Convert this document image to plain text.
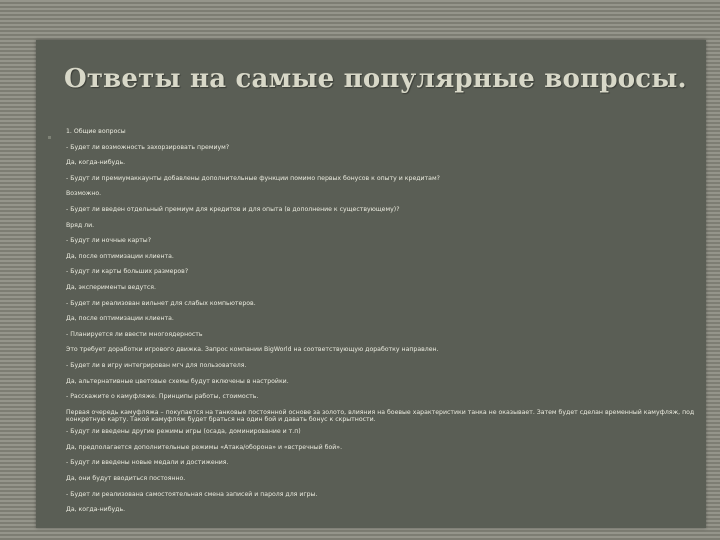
Ответы на самые популярные вопросы.
1. Общие вопросы
- Будет ли возможность захорзировать премиум?
Да, когда-нибудь.
- Будут ли премиумаккаунты добавлены дополнительные функции помимо первых бонусов к опыту и кредитам?
Возможно.
- Будет ли введен отдельный премиум для кредитов и для опыта (в дополнение к существующему)?
Вряд ли.
- Будут ли ночные карты?
Да, после оптимизации клиента.
- Будут ли карты больших размеров?
Да, эксперименты ведутся.
- Будет ли реализован вильнет для слабых компьютеров.
Да, после оптимизации клиента.
- Планируется ли ввести многоядерность
Это требует доработки игрового движка. Запрос компании BigWorld на соответствующую доработку направлен.
- Будет ли в игру интегрирован мгч для пользователя.
Да, альтернативные цветовые схемы будут включены в настройки.
- Расскажите о камуфляже. Принципы работы, стоимость.
Первая очередь камуфляжа – покупается на танковые постоянной основе за золото, влияния на боевые характеристики танка не оказывает. Затем будет сделан временный камуфляж, под конкретную карту. Такой камуфляж будет браться на один бой и давать бонус к скрытности.
- Будут ли введены другие режимы игры (осада, доминирование и т.п)
Да, предполагается дополнительные режимы «Атака/оборона» и «встречный бой».
- Будут ли введены новые медали и достижения.
Да, они будут вводиться постоянно.
- Будет ли реализована самостоятельная смена записей и пароля для игры.
Да, когда-нибудь.
